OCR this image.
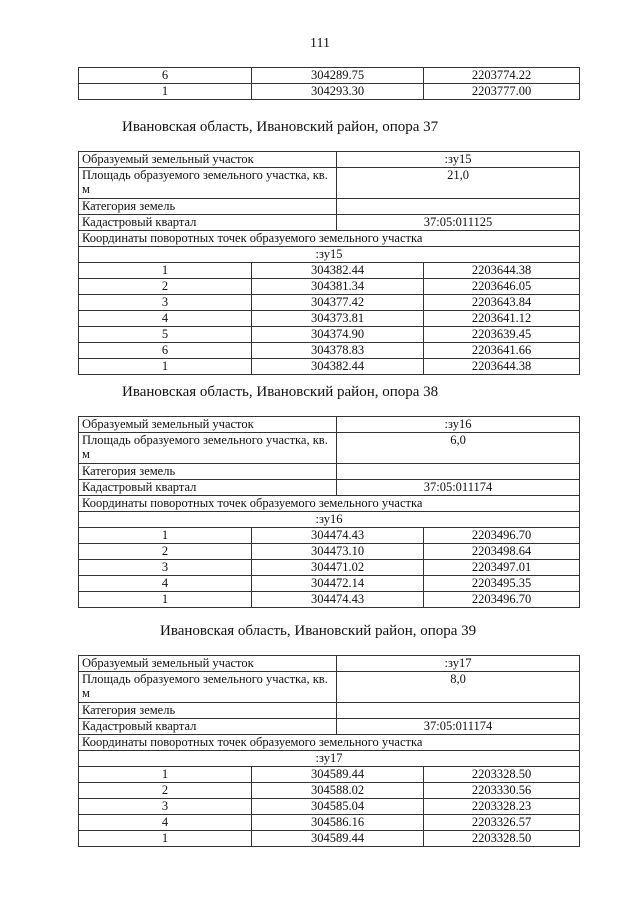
111
6	304289.75	2203774.22
1	304293.30	2203777.00
Ивановская область, Ивановский район, опора 37
Образуемый земельный участок		:зу15	
Площадь образуемого земельного участка, кв. м		21,0	
Категория земель			
Кадастровый квартал		37:05:011125	
Координаты поворотных точек образуемого земельного участка			
:зу15			
1	304382.44		2203644.38
2	304381.34		2203646.05
3	304377.42		2203643.84
4	304373.81		2203641.12
5	304374.90		2203639.45
6	304378.83		2203641.66
1	304382.44		2203644.38
Ивановская область, Ивановский район, опора 38
Образуемый земельный участок		:зу16	
Площадь образуемого земельного участка, кв. м		6,0	
Категория земель			
Кадастровый квартал		37:05:011174	
Координаты поворотных точек образуемого земельного участка			
:зу16			
1	304474.43		2203496.70
2	304473.10		2203498.64
3	304471.02		2203497.01
4	304472.14		2203495.35
1	304474.43		2203496.70
Ивановская область, Ивановский район, опора 39
Образуемый земельный участок		:зу17	
Площадь образуемого земельного участка, кв. м		8,0	
Категория земель			
Кадастровый квартал		37:05:011174	
Координаты поворотных точек образуемого земельного участка			
:зу17			
1	304589.44		2203328.50
2	304588.02		2203330.56
3	304585.04		2203328.23
4	304586.16		2203326.57
1	304589.44		2203328.50
